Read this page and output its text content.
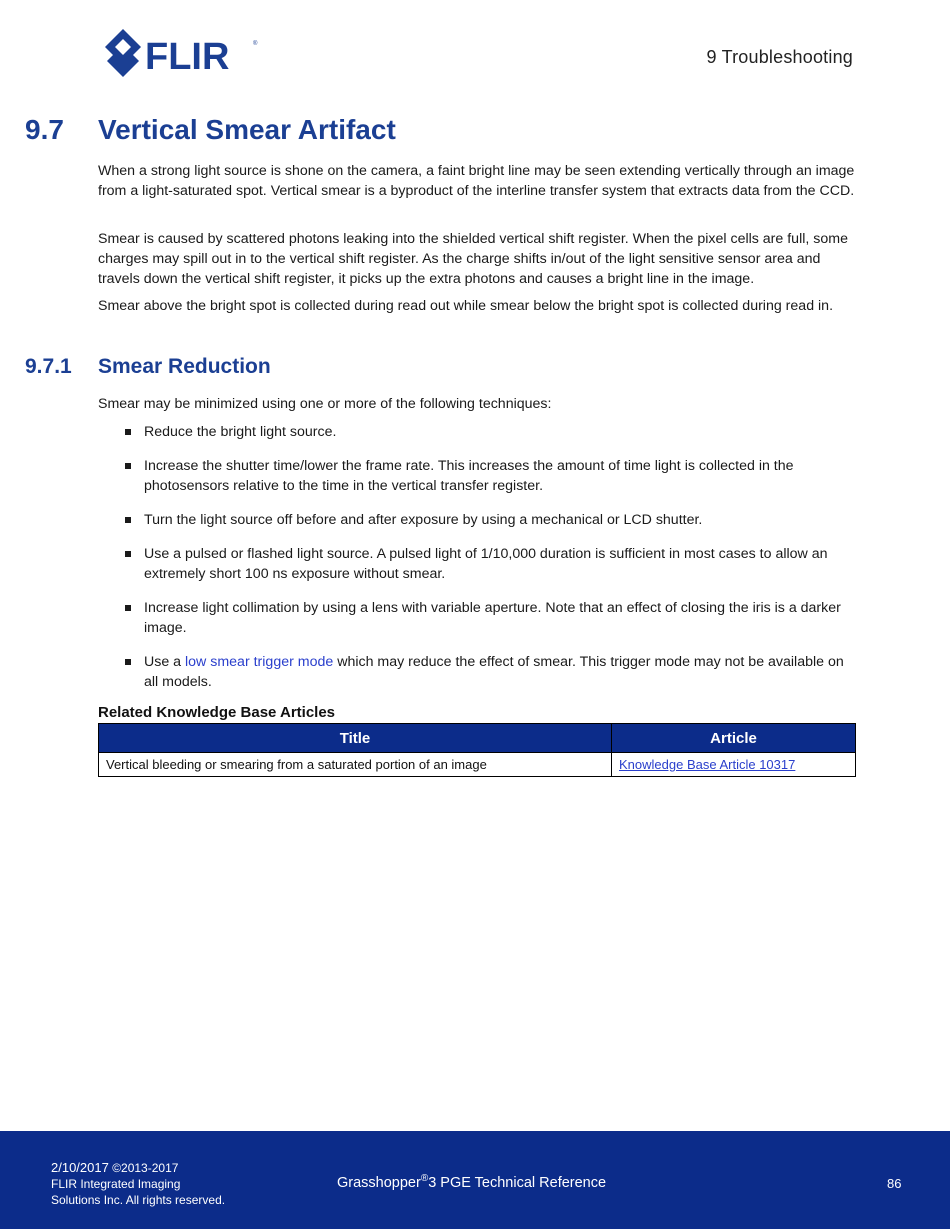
FLIR	®
9 Troubleshooting
9.7 Vertical Smear Artifact

When a strong light source is shone on the camera, a faint bright line may be seen extending vertically through an image from a light-saturated spot. Vertical smear is a byproduct of the interline transfer system that extracts data from the CCD.

Smear is caused by scattered photons leaking into the shielded vertical shift register. When the pixel cells are full, some charges may spill out in to the vertical shift register. As the charge shifts in/out of the light sensitive sensor area and travels down the vertical shift register, it picks up the extra photons and causes a bright line in the image.

Smear above the bright spot is collected during read out while smear below the bright spot is collected during read in.

9.7.1 Smear Reduction

Smear may be minimized using one or more of the following techniques:

Reduce the bright light source.
Increase the shutter time/lower the frame rate. This increases the amount of time light is collected in the photosensors relative to the time in the vertical transfer register.
Turn the light source off before and after exposure by using a mechanical or LCD shutter.
Use a pulsed or flashed light source. A pulsed light of 1/10,000 duration is sufficient in most cases to allow an extremely short 100 ns exposure without smear.
Increase light collimation by using a lens with variable aperture. Note that an effect of closing the iris is a darker image.
Use a low smear trigger mode which may reduce the effect of smear. This trigger mode may not be available on all models.
Related Knowledge Base Articles
Title	Article
Vertical bleeding or smearing from a saturated portion of an image	Knowledge Base Article 10317
2/10/2017 ©2013-2017
FLIR Integrated Imaging
Solutions Inc. All rights reserved.
Grasshopper®3 PGE Technical Reference	86
